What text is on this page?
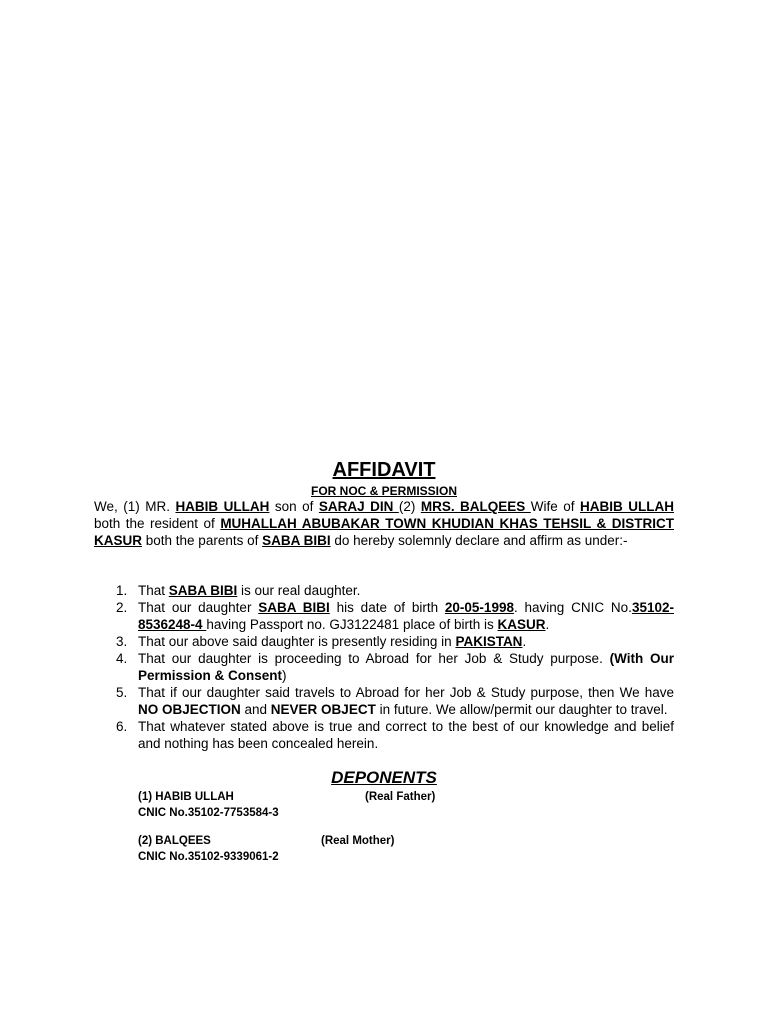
AFFIDAVIT
FOR NOC & PERMISSION

We, (1) MR. HABIB ULLAH son of SARAJ DIN (2) MRS. BALQEES Wife of HABIB ULLAH both the resident of MUHALLAH ABUBAKAR TOWN KHUDIAN KHAS TEHSIL & DISTRICT KASUR both the parents of SABA BIBI do hereby solemnly declare and affirm as under:-

1. That SABA BIBI is our real daughter.
2. That our daughter SABA BIBI his date of birth 20-05-1998. having CNIC No.35102-8536248-4 having Passport no. GJ3122481 place of birth is KASUR.
3. That our above said daughter is presently residing in PAKISTAN.
4. That our daughter is proceeding to Abroad for her Job & Study purpose. (With Our Permission & Consent)
5. That if our daughter said travels to Abroad for her Job & Study purpose, then We have NO OBJECTION and NEVER OBJECT in future. We allow/permit our daughter to travel.
6. That whatever stated above is true and correct to the best of our knowledge and belief and nothing has been concealed herein.
DEPONENTS
(1) HABIB ULLAH	(Real Father)
CNIC No.35102-7753584-3
(2) BALQEES	(Real Mother)
CNIC No.35102-9339061-2
